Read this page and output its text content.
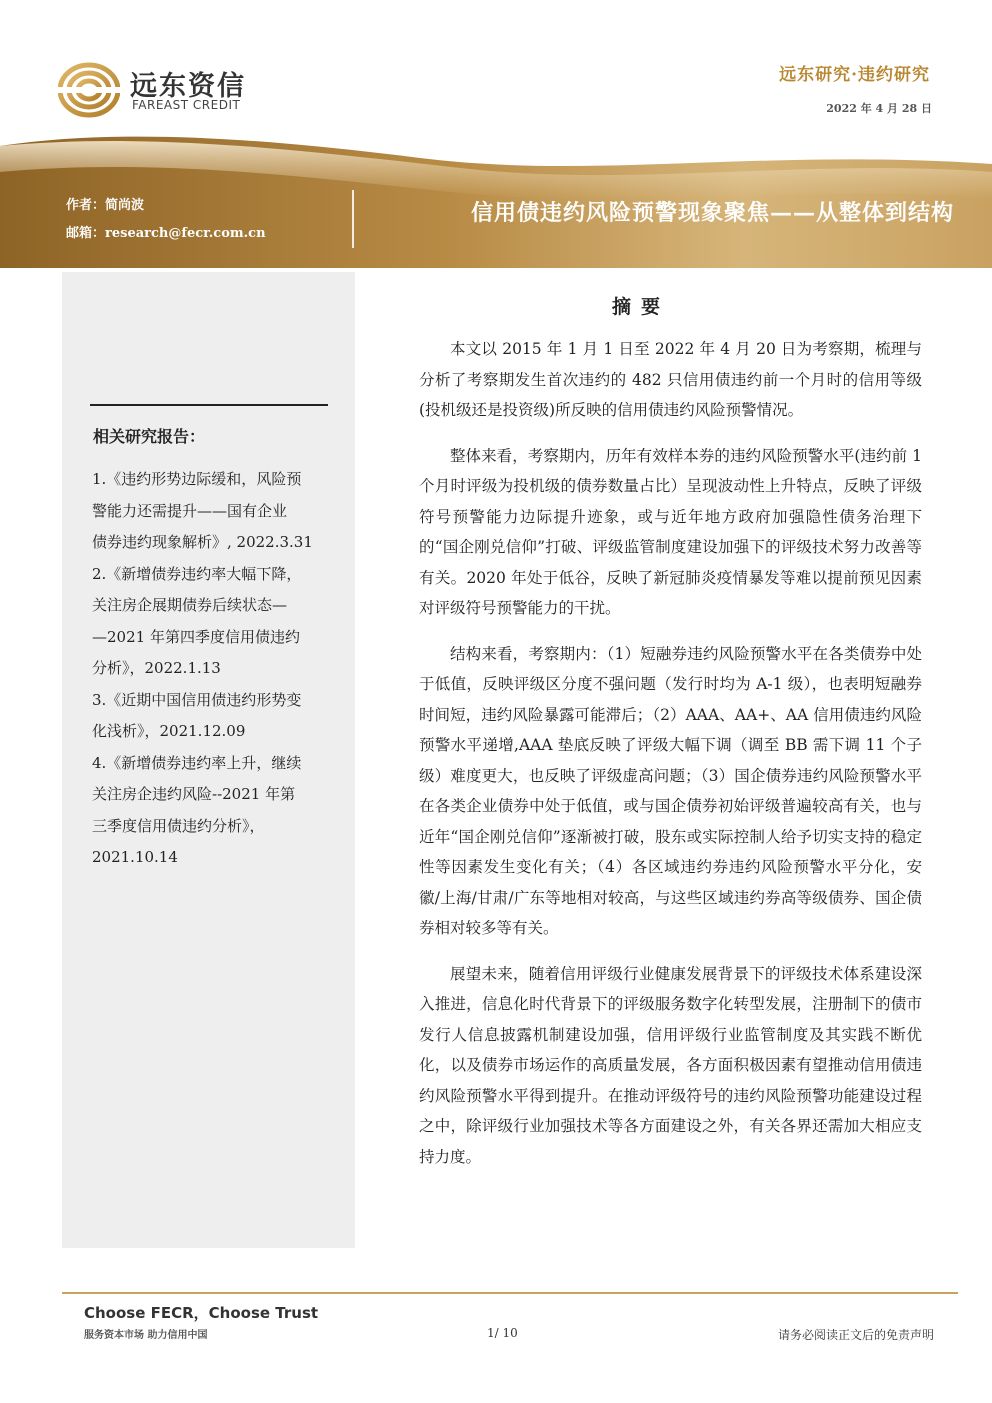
远东资信
FAREAST CREDIT
远东研究·违约研究
2022 年 4 月 28 日
作者：简尚波
邮箱：research@fecr.com.cn
信用债违约风险预警现象聚焦——从整体到结构
相关研究报告：
1.《违约形势边际缓和，风险预
警能力还需提升——国有企业
债券违约现象解析》, 2022.3.31
2.《新增债券违约率大幅下降，
关注房企展期债券后续状态—
—2021 年第四季度信用债违约
分析》，2022.1.13
3.《近期中国信用债违约形势变
化浅析》，2021.12.09
4.《新增债券违约率上升，继续
关注房企违约风险--2021 年第
三季度信用债违约分析》，
2021.10.14
摘要

本文以 2015 年 1 月 1 日至 2022 年 4 月 20 日为考察期，梳理与分析了考察期发生首次违约的 482 只信用债违约前一个月时的信用等级(投机级还是投资级)所反映的信用债违约风险预警情况。

整体来看，考察期内，历年有效样本券的违约风险预警水平(违约前 1 个月时评级为投机级的债券数量占比）呈现波动性上升特点，反映了评级符号预警能力边际提升迹象，或与近年地方政府加强隐性债务治理下的“国企刚兑信仰”打破、评级监管制度建设加强下的评级技术努力改善等有关。2020 年处于低谷，反映了新冠肺炎疫情暴发等难以提前预见因素对评级符号预警能力的干扰。

结构来看，考察期内：（1）短融券违约风险预警水平在各类债券中处于低值，反映评级区分度不强问题（发行时均为 A-1 级），也表明短融券时间短，违约风险暴露可能滞后；（2）AAA、AA+、AA 信用债违约风险预警水平递增,AAA 垫底反映了评级大幅下调（调至 BB 需下调 11 个子级）难度更大，也反映了评级虚高问题；（3）国企债券违约风险预警水平在各类企业债券中处于低值，或与国企债券初始评级普遍较高有关，也与近年“国企刚兑信仰”逐渐被打破，股东或实际控制人给予切实支持的稳定性等因素发生变化有关；（4）各区域违约券违约风险预警水平分化，安徽/上海/甘肃/广东等地相对较高，与这些区域违约券高等级债券、国企债券相对较多等有关。

展望未来，随着信用评级行业健康发展背景下的评级技术体系建设深入推进，信息化时代背景下的评级服务数字化转型发展，注册制下的债市发行人信息披露机制建设加强，信用评级行业监管制度及其实践不断优化，以及债券市场运作的高质量发展，各方面积极因素有望推动信用债违约风险预警水平得到提升。在推动评级符号的违约风险预警功能建设过程之中，除评级行业加强技术等各方面建设之外，有关各界还需加大相应支持力度。

Choose FECR，Choose Trust
服务资本市场 助力信用中国	1/ 10	请务必阅读正文后的免责声明
